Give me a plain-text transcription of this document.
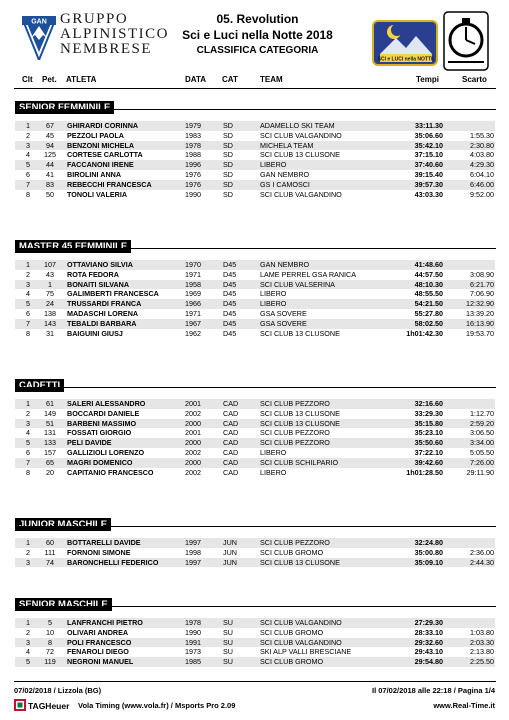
GAN GRUPPO
ALPINISTICO
NEMBRESE
05. Revolution
Sci e Luci nella Notte 2018
CLASSIFICA CATEGORIA
SCI e LUCI nella NOTTE
Clt Pet. ATLETA	DATA CAT	TEAM	Tempi	Scarto
SENIOR FEMMINILE
1	67	GHIRARDI CORINNA	1979	SD	ADAMELLO SKI TEAM	33:11.30
2	45	PEZZOLI PAOLA	1983	SD	SCI CLUB VALGANDINO	35:06.60	1:55.30
3	94	BENZONI MICHELA	1978	SD	MICHELA TEAM	35:42.10	2:30.80
4	125	CORTESE CARLOTTA	1988	SD	SCI CLUB 13 CLUSONE	37:15.10	4:03.80
5	44	FACCANONI IRENE	1996	SD	LIBERO	37:40.60	4:29.30
6	41	BIROLINI ANNA	1976	SD	GAN NEMBRO	39:15.40	6:04.10
7	83	REBECCHI FRANCESCA	1976	SD	GS I CAMOSCI	39:57.30	6:46.00
8	50	TONOLI VALERIA	1990	SD	SCI CLUB VALGANDINO	43:03.30	9:52.00
MASTER 45 FEMMINILE
1	107	OTTAVIANO SILVIA	1970	D45	GAN NEMBRO	41:48.60
2	43	ROTA FEDORA	1971	D45	LAME PERREL GSA RANICA	44:57.50	3:08.90
3	1	BONAITI SILVANA	1958	D45	SCI CLUB VALSERINA	48:10.30	6:21.70
4	75	GALIMBERTI FRANCESCA	1969	D45	LIBERO	48:55.50	7:06.90
5	24	TRUSSARDI FRANCA	1966	D45	LIBERO	54:21.50	12:32.90
6	138	MADASCHI LORENA	1971	D45	GSA SOVERE	55:27.80	13:39.20
7	143	TEBALDI BARBARA	1967	D45	GSA SOVERE	58:02.50	16:13.90
8	31	BAIGUINI GIUSJ	1962	D45	SCI CLUB 13 CLUSONE	1h01:42.30	19:53.70
CADETTI
1	61	SALERI ALESSANDRO	2001	CAD	SCI CLUB PEZZORO	32:16.60
2	149	BOCCARDI DANIELE	2002	CAD	SCI CLUB 13 CLUSONE	33:29.30	1:12.70
3	51	BARBENI MASSIMO	2000	CAD	SCI CLUB 13 CLUSONE	35:15.80	2:59.20
4	131	FOSSATI GIORGIO	2001	CAD	SCI CLUB PEZZORO	35:23.10	3:06.50
5	133	PELI DAVIDE	2000	CAD	SCI CLUB PEZZORO	35:50.60	3:34.00
6	157	GALLIZIOLI LORENZO	2002	CAD	LIBERO	37:22.10	5:05.50
7	65	MAGRI DOMENICO	2000	CAD	SCI CLUB SCHILPARIO	39:42.60	7:26.00
8	20	CAPITANIO FRANCESCO	2002	CAD	LIBERO	1h01:28.50	29:11.90
JUNIOR MASCHILE
1	60	BOTTARELLI DAVIDE	1997	JUN	SCI CLUB PEZZORO	32:24.80
2	111	FORNONI SIMONE	1998	JUN	SCI CLUB GROMO	35:00.80	2:36.00
3	74	BARONCHELLI FEDERICO	1997	JUN	SCI CLUB 13 CLUSONE	35:09.10	2:44.30
SENIOR MASCHILE
1	5	LANFRANCHI PIETRO	1978	SU	SCI CLUB VALGANDINO	27:29.30
2	10	OLIVARI ANDREA	1990	SU	SCI CLUB GROMO	28:33.10	1:03.80
3	8	POLI FRANCESCO	1991	SU	SCI CLUB VALGANDINO	29:32.60	2:03.30
4	72	FENAROLI DIEGO	1973	SU	SKI ALP VALLI BRESCIANE	29:43.10	2:13.80
5	119	NEGRONI MANUEL	1985	SU	SCI CLUB GROMO	29:54.80	2:25.50
07/02/2018 / Lizzola (BG)	Il 07/02/2018 alle 22:18 / Pagina 1/4
TAGHeuer Vola Timing (www.vola.fr) / Msports Pro 2.09	www.Real-Time.it
